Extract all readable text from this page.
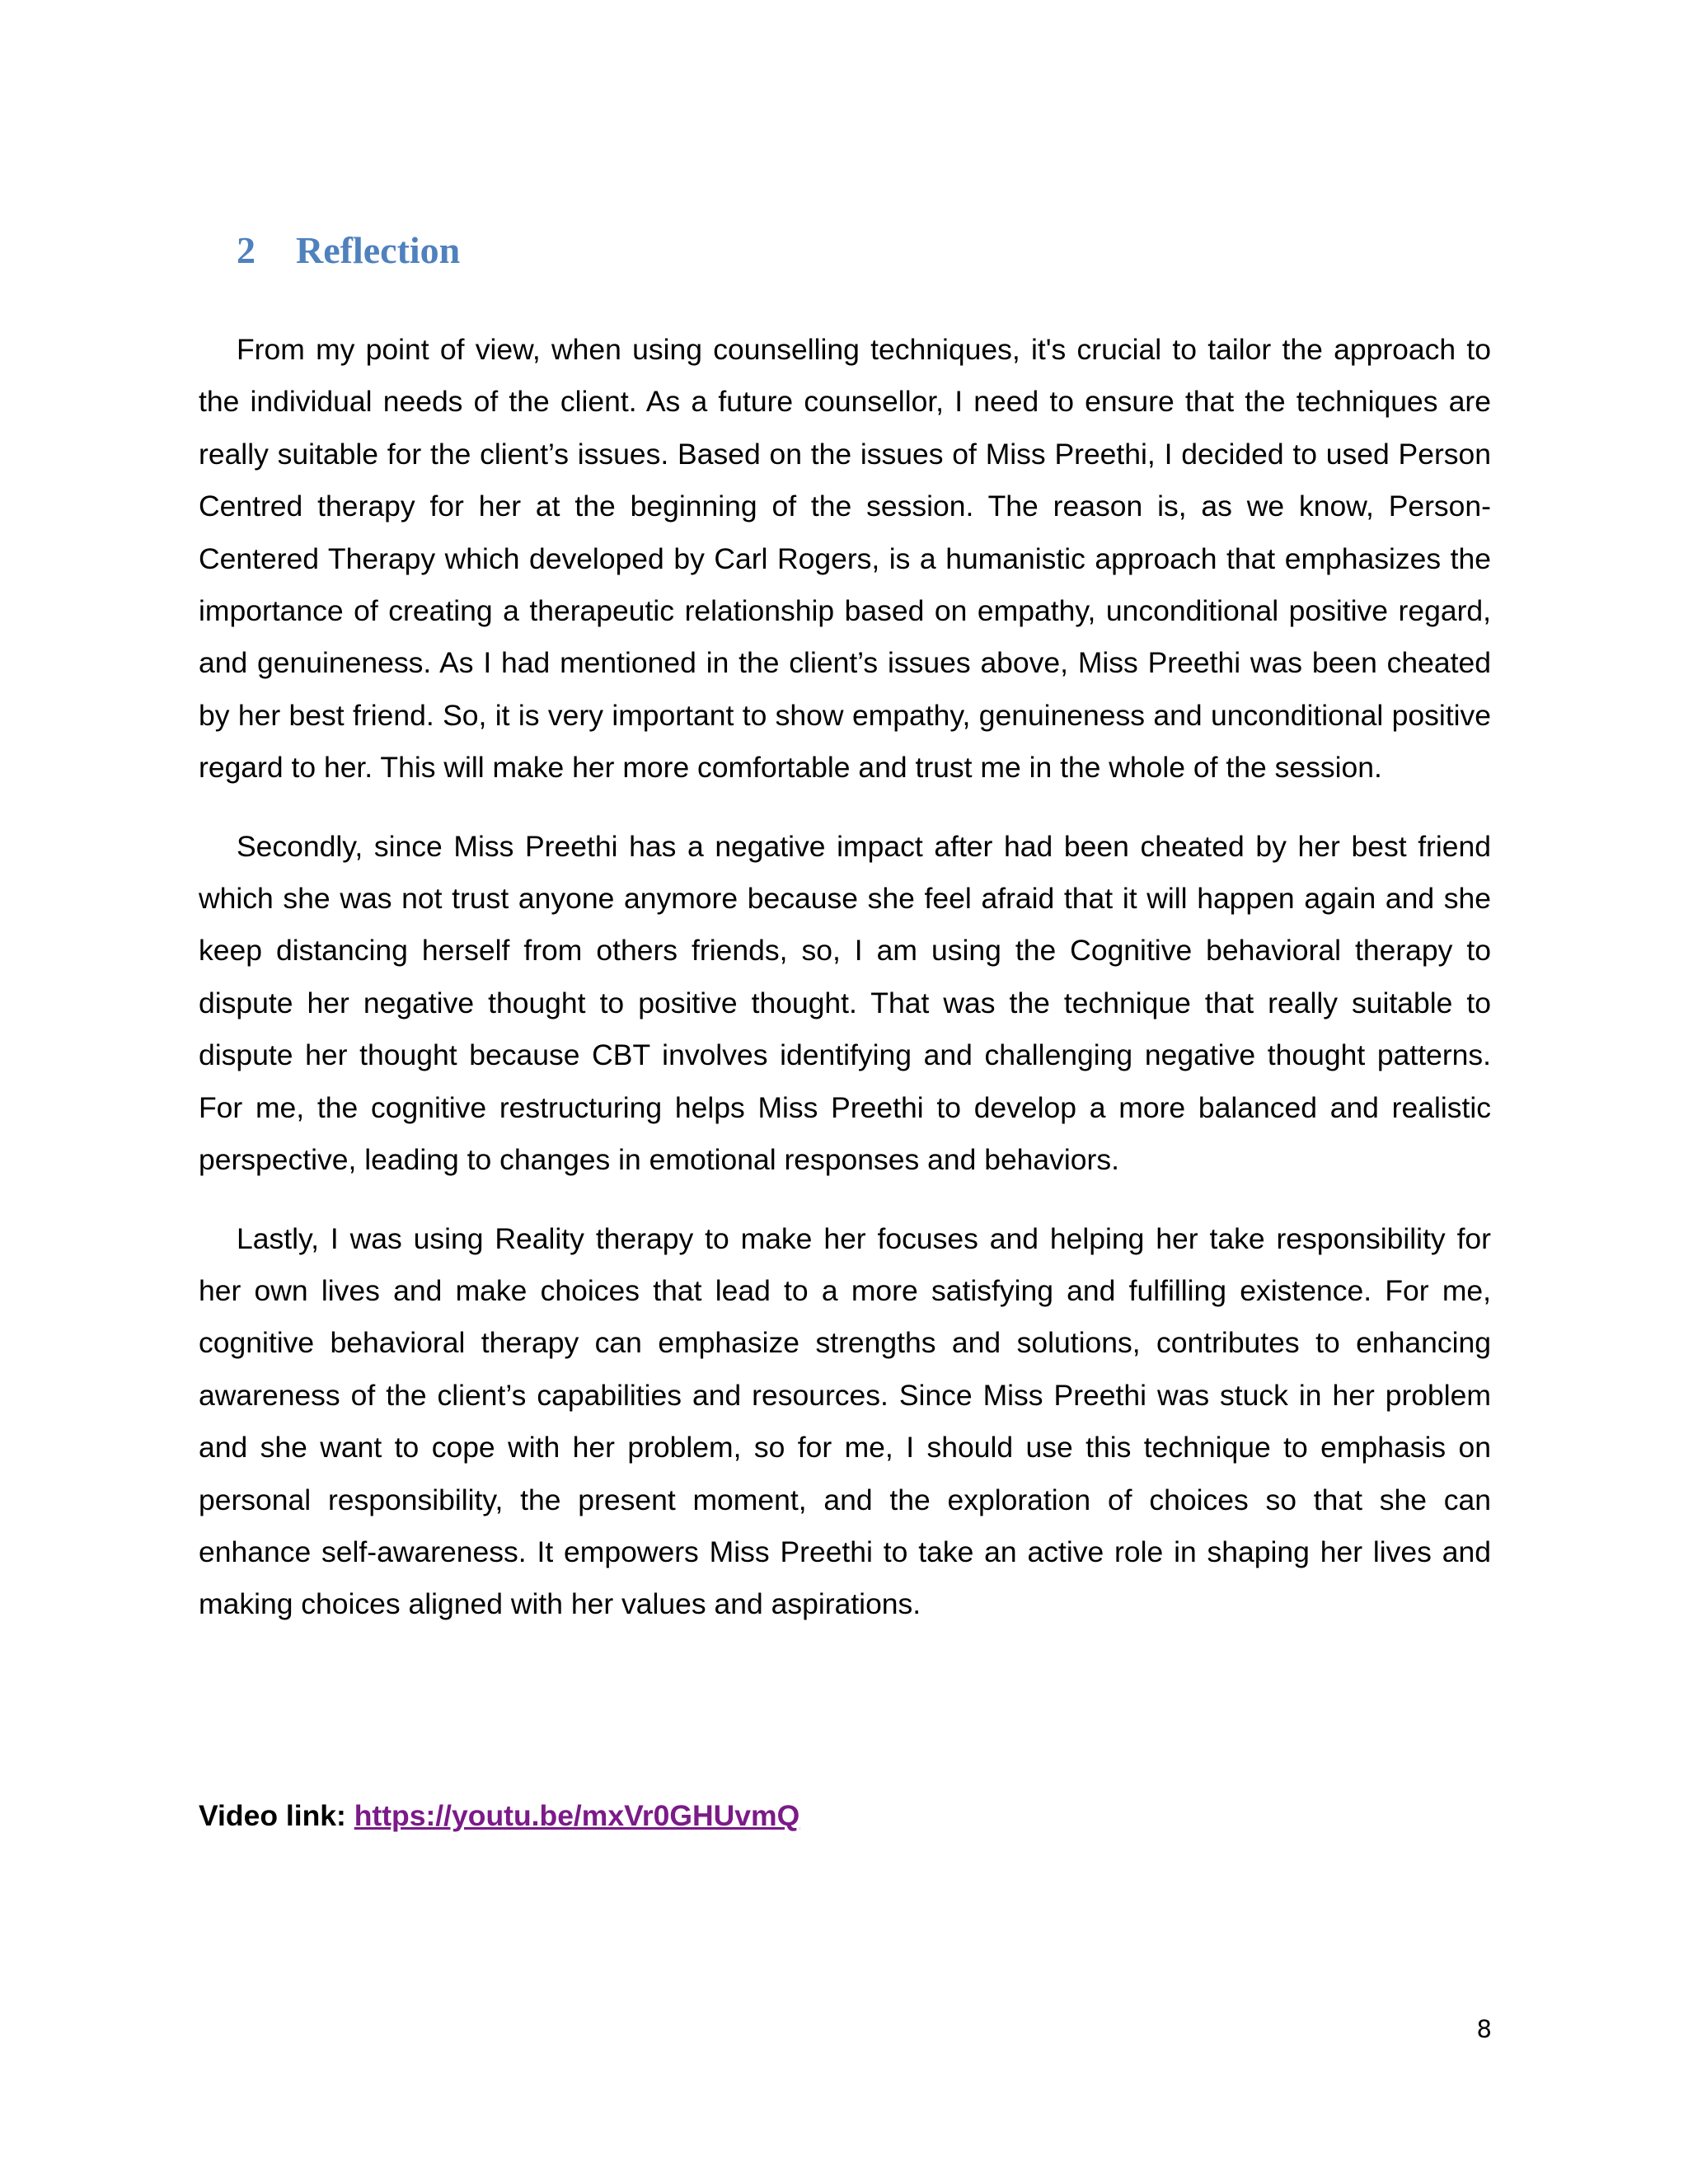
2 Reflection

From my point of view, when using counselling techniques, it's crucial to tailor the approach to the individual needs of the client. As a future counsellor, I need to ensure that the techniques are really suitable for the client’s issues. Based on the issues of Miss Preethi, I decided to used Person Centred therapy for her at the beginning of the session. The reason is, as we know, Person-Centered Therapy which developed by Carl Rogers, is a humanistic approach that emphasizes the importance of creating a therapeutic relationship based on empathy, unconditional positive regard, and genuineness. As I had mentioned in the client’s issues above, Miss Preethi was been cheated by her best friend. So, it is very important to show empathy, genuineness and unconditional positive regard to her. This will make her more comfortable and trust me in the whole of the session.

Secondly, since Miss Preethi has a negative impact after had been cheated by her best friend which she was not trust anyone anymore because she feel afraid that it will happen again and she keep distancing herself from others friends, so, I am using the Cognitive behavioral therapy to dispute her negative thought to positive thought. That was the technique that really suitable to dispute her thought because CBT involves identifying and challenging negative thought patterns. For me, the cognitive restructuring helps Miss Preethi to develop a more balanced and realistic perspective, leading to changes in emotional responses and behaviors.

Lastly, I was using Reality therapy to make her focuses and helping her take responsibility for her own lives and make choices that lead to a more satisfying and fulfilling existence. For me, cognitive behavioral therapy can emphasize strengths and solutions, contributes to enhancing awareness of the client’s capabilities and resources. Since Miss Preethi was stuck in her problem and she want to cope with her problem, so for me, I should use this technique to emphasis on personal responsibility, the present moment, and the exploration of choices so that she can enhance self-awareness. It empowers Miss Preethi to take an active role in shaping her lives and making choices aligned with her values and aspirations.

Video link: https://youtu.be/mxVr0GHUvmQ
8
